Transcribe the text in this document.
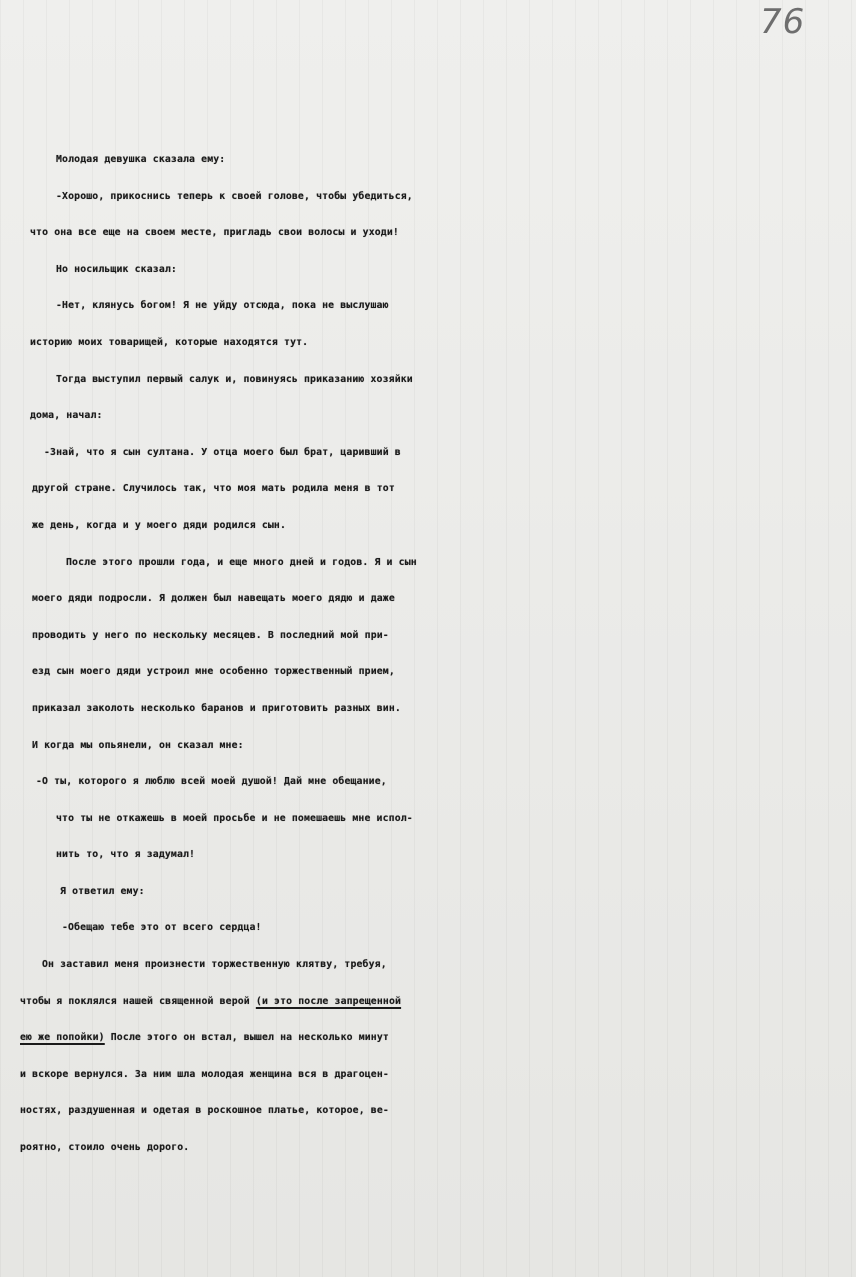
76
Молодая девушка сказала ему:
-Хорошо, прикоснись теперь к своей голове, чтобы убедиться,
что она все еще на своем месте, пригладь свои волосы и уходи!
Но носильщик сказал:
-Нет, клянусь богом! Я не уйду отсюда, пока не выслушаю
историю моих товарищей, которые находятся тут.
Тогда выступил первый салук и, повинуясь приказанию хозяйки
дома, начал:
-Знай, что я сын султана. У отца моего был брат, царивший в
другой стране. Случилось так, что моя мать родила меня в тот
же день, когда и у моего дяди родился сын.
После этого прошли года, и еще много дней и годов. Я и сын
моего дяди подросли. Я должен был навещать моего дядю и даже
проводить у него по нескольку месяцев. В последний мой при-
езд сын моего дяди устроил мне особенно торжественный прием,
приказал заколоть несколько баранов и приготовить разных вин.
И когда мы опьянели, он сказал мне:
-О ты, которого я люблю всей моей душой! Дай мне обещание,
что ты не откажешь в моей просьбе и не помешаешь мне испол-
нить то, что я задумал!
Я ответил ему:
-Обещаю тебе это от всего сердца!
Он заставил меня произнести торжественную клятву, требуя,
чтобы я поклялся нашей священной верой (и это после запрещенной
ею же попойки) После этого он встал, вышел на несколько минут
и вскоре вернулся. За ним шла молодая женщина вся в драгоцен-
ностях, раздушенная и одетая в роскошное платье, которое, ве-
роятно, стоило очень дорого.
